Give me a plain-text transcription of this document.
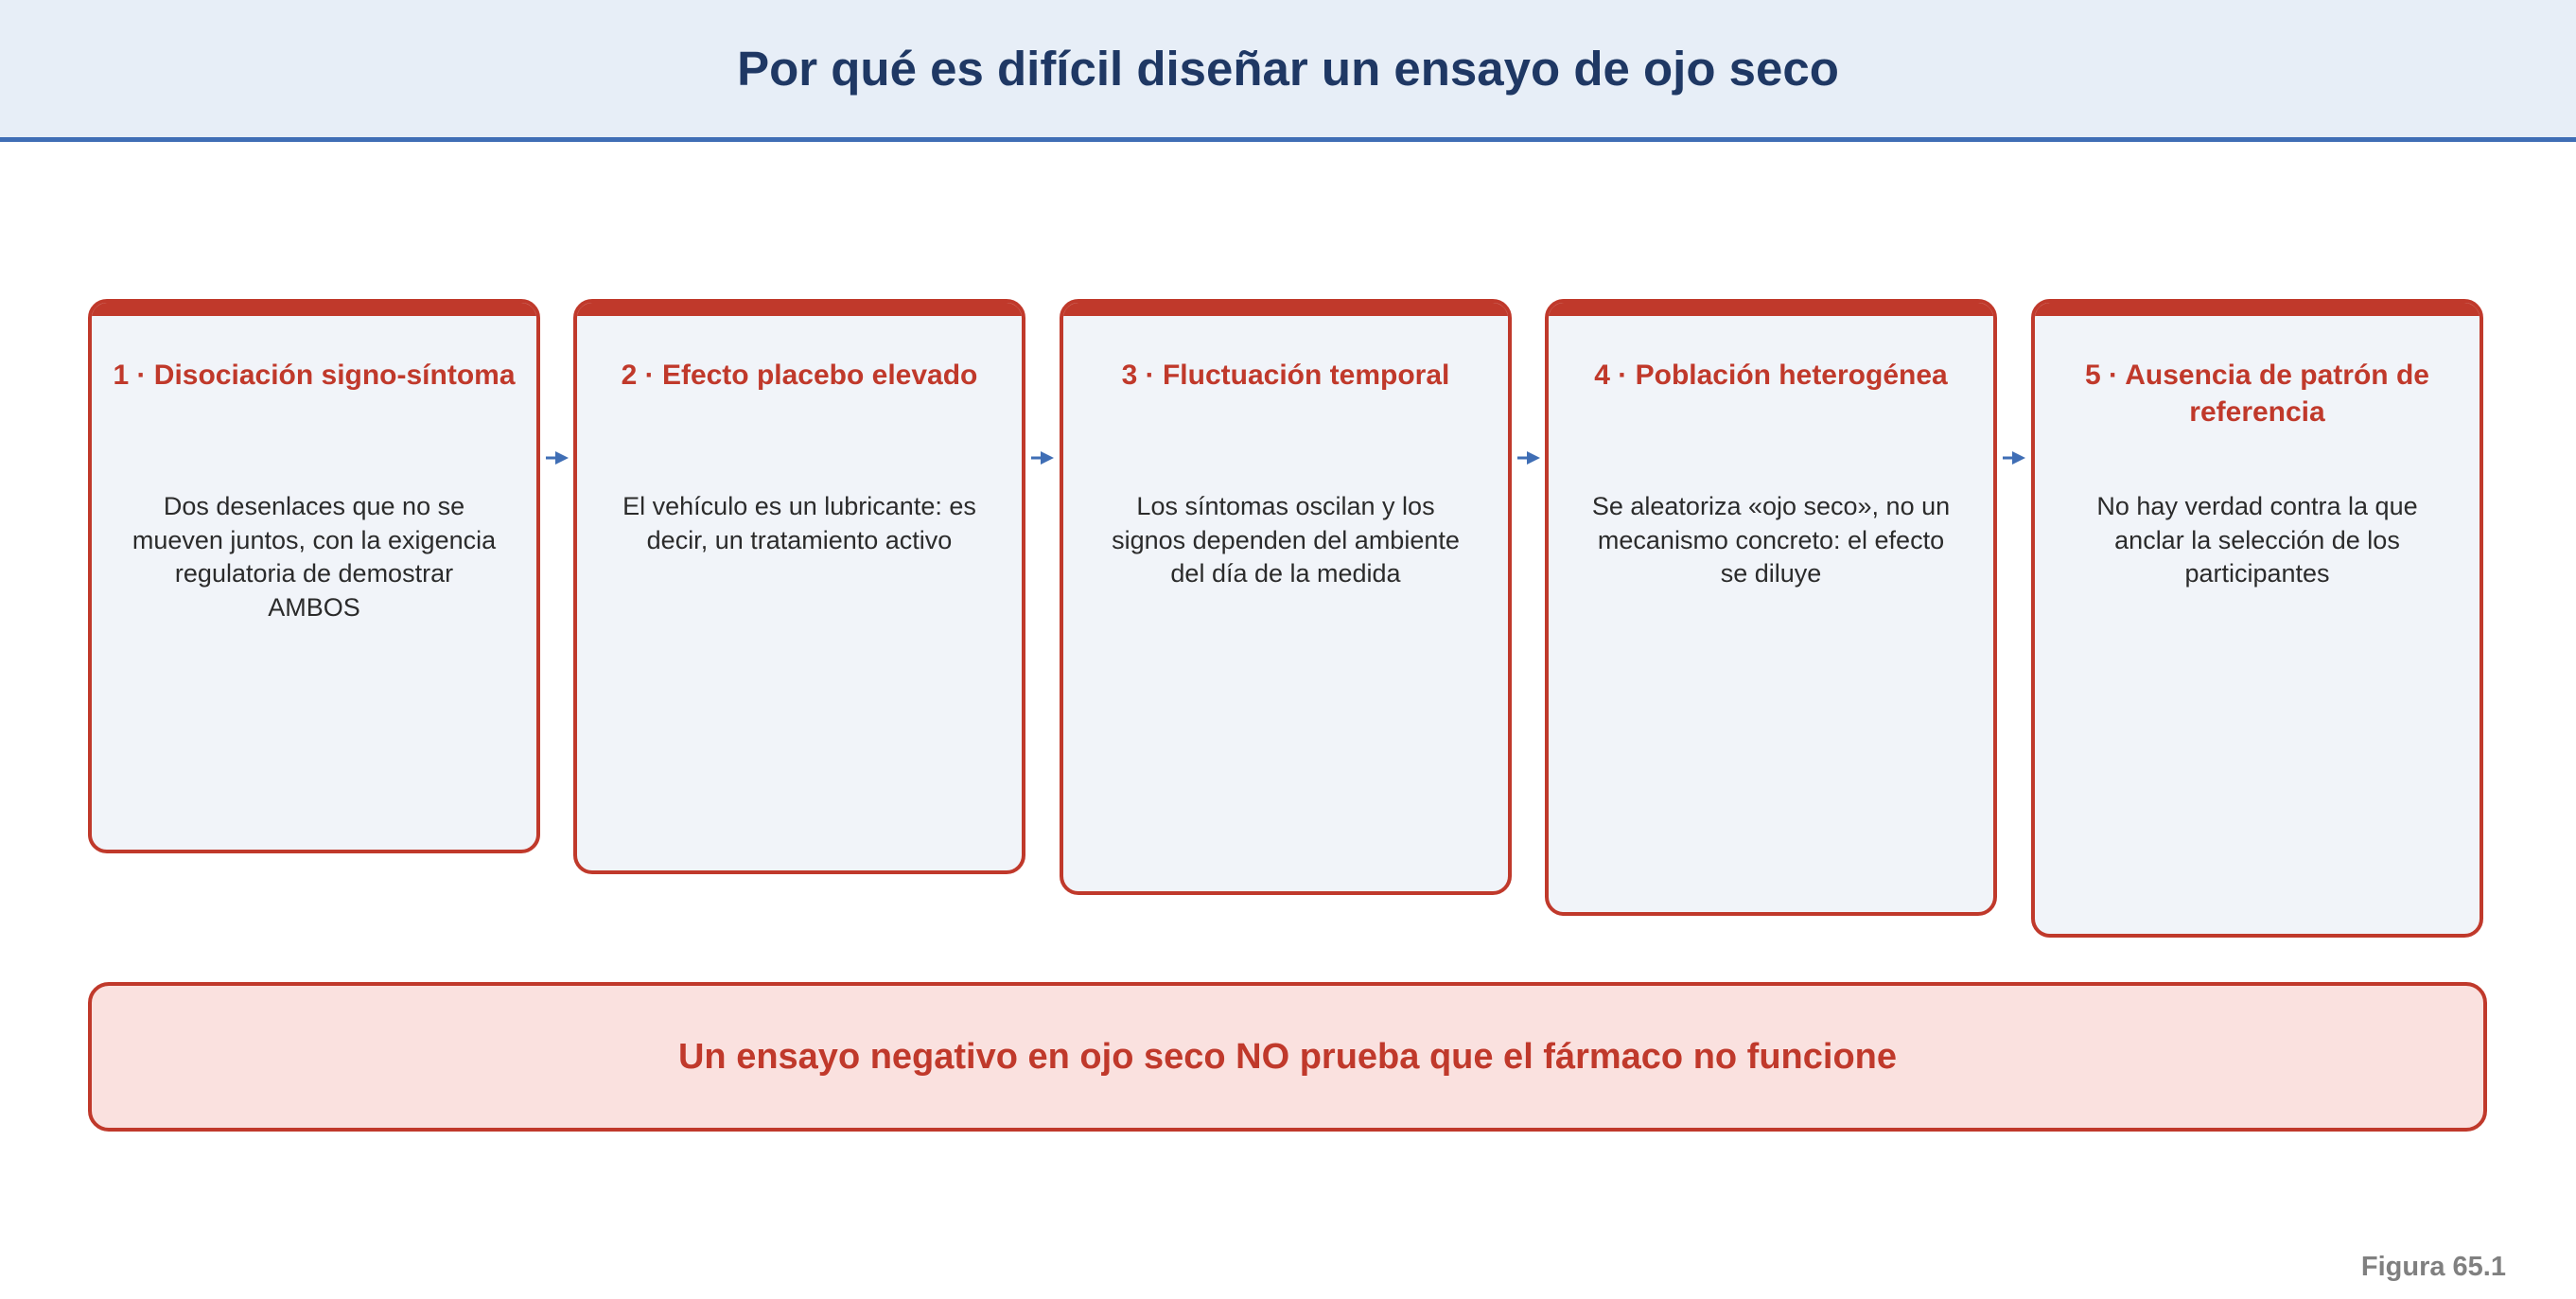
Por qué es difícil diseñar un ensayo de ojo seco
1 · Disociación signo-síntoma
Dos desenlaces que no se mueven juntos, con la exigencia regulatoria de demostrar AMBOS
2 · Efecto placebo elevado
El vehículo es un lubricante: es decir, un tratamiento activo
3 · Fluctuación temporal
Los síntomas oscilan y los signos dependen del ambiente del día de la medida
4 · Población heterogénea
Se aleatoriza «ojo seco», no un mecanismo concreto: el efecto se diluye
5 · Ausencia de patrón de referencia
No hay verdad contra la que anclar la selección de los participantes
Un ensayo negativo en ojo seco NO prueba que el fármaco no funcione
Figura 65.1
